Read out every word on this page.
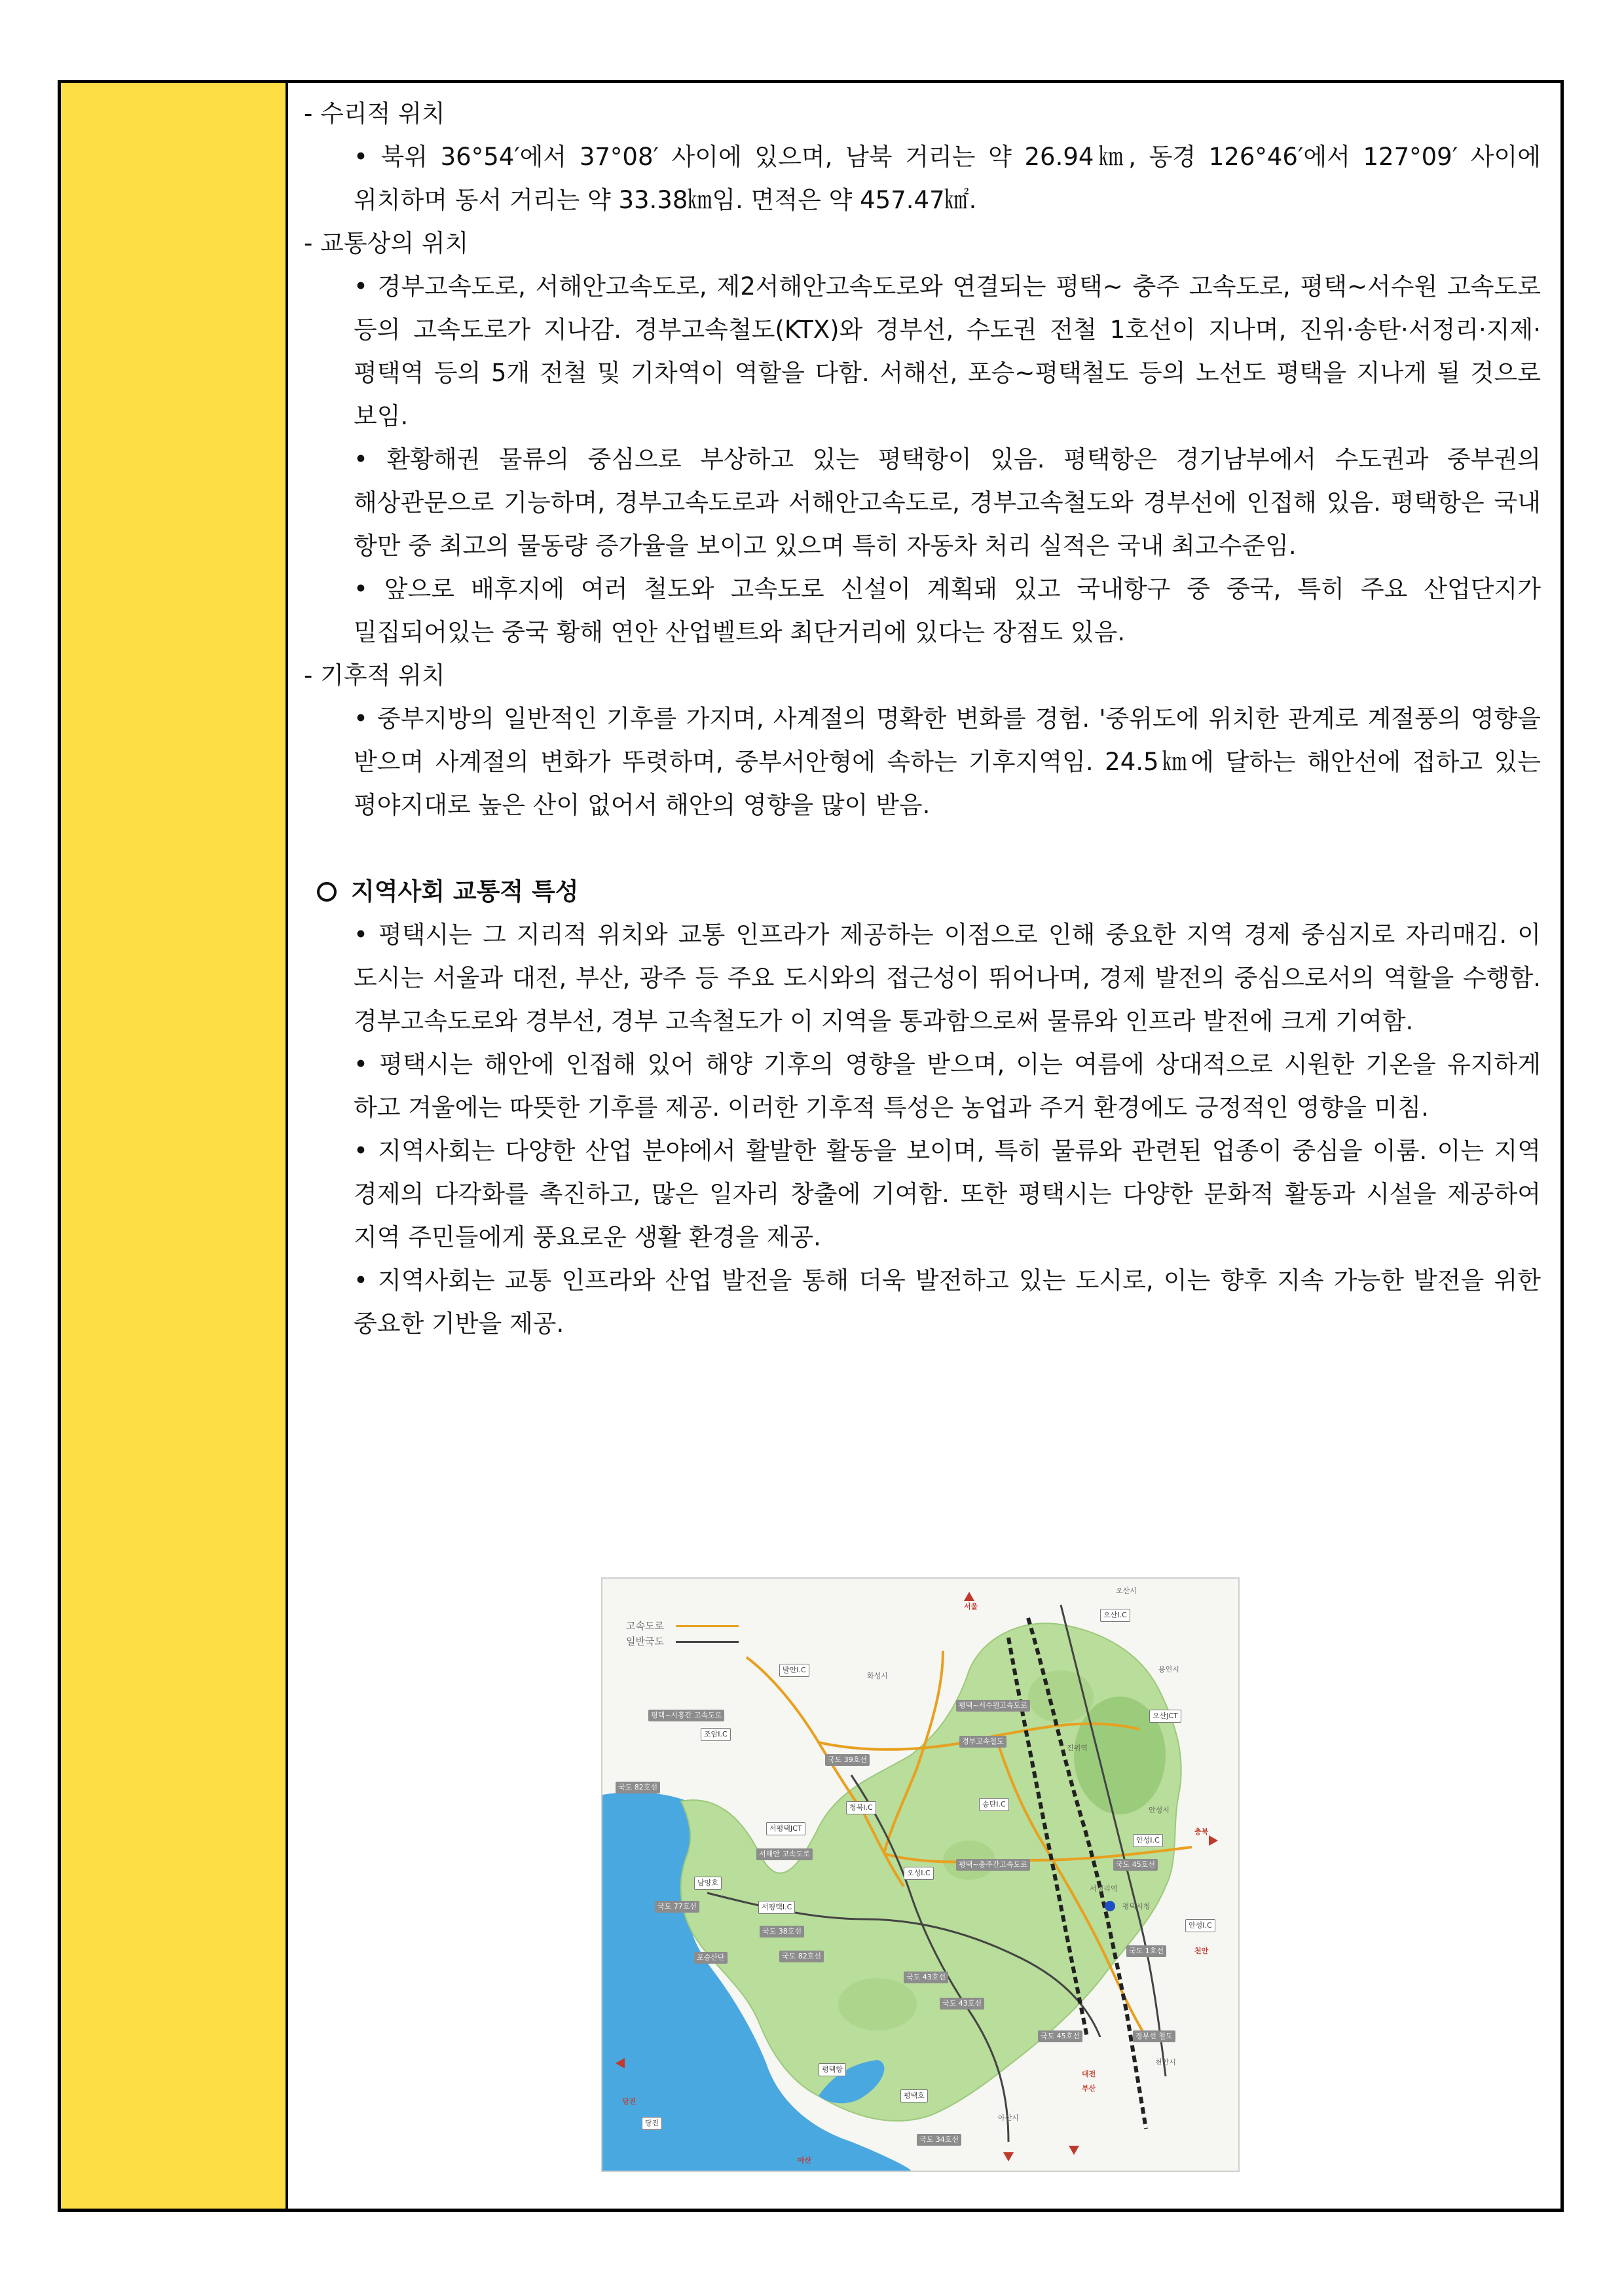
- 수리적 위치

• 북위 36°54′에서 37°08′ 사이에 있으며, 남북 거리는 약 26.94㎞, 동경 126°46′에서 127°09′ 사이에 위치하며 동서 거리는 약 33.38㎞임. 면적은 약 457.47㎢.

- 교통상의 위치

• 경부고속도로, 서해안고속도로, 제2서해안고속도로와 연결되는 평택~ 충주 고속도로, 평택~서수원 고속도로 등의 고속도로가 지나감. 경부고속철도(KTX)와 경부선, 수도권 전철 1호선이 지나며, 진위·송탄·서정리·지제·평택역 등의 5개 전철 및 기차역이 역할을 다함. 서해선, 포승~평택철도 등의 노선도 평택을 지나게 될 것으로 보임.

• 환황해권 물류의 중심으로 부상하고 있는 평택항이 있음. 평택항은 경기남부에서 수도권과 중부권의 해상관문으로 기능하며, 경부고속도로과 서해안고속도로, 경부고속철도와 경부선에 인접해 있음. 평택항은 국내 항만 중 최고의 물동량 증가율을 보이고 있으며 특히 자동차 처리 실적은 국내 최고수준임.

• 앞으로 배후지에 여러 철도와 고속도로 신설이 계획돼 있고 국내항구 중 중국, 특히 주요 산업단지가 밀집되어있는 중국 황해 연안 산업벨트와 최단거리에 있다는 장점도 있음.

- 기후적 위치

• 중부지방의 일반적인 기후를 가지며, 사계절의 명확한 변화를 경험. '중위도에 위치한 관계로 계절풍의 영향을 받으며 사계절의 변화가 뚜렷하며, 중부서안형에 속하는 기후지역임. 24.5㎞에 달하는 해안선에 접하고 있는 평야지대로 높은 산이 없어서 해안의 영향을 많이 받음.

지역사회 교통적 특성

• 평택시는 그 지리적 위치와 교통 인프라가 제공하는 이점으로 인해 중요한 지역 경제 중심지로 자리매김. 이 도시는 서울과 대전, 부산, 광주 등 주요 도시와의 접근성이 뛰어나며, 경제 발전의 중심으로서의 역할을 수행함. 경부고속도로와 경부선, 경부 고속철도가 이 지역을 통과함으로써 물류와 인프라 발전에 크게 기여함.

• 평택시는 해안에 인접해 있어 해양 기후의 영향을 받으며, 이는 여름에 상대적으로 시원한 기온을 유지하게 하고 겨울에는 따뜻한 기후를 제공. 이러한 기후적 특성은 농업과 주거 환경에도 긍정적인 영향을 미침.

• 지역사회는 다양한 산업 분야에서 활발한 활동을 보이며, 특히 물류와 관련된 업종이 중심을 이룸. 이는 지역 경제의 다각화를 촉진하고, 많은 일자리 창출에 기여함. 또한 평택시는 다양한 문화적 활동과 시설을 제공하여 지역 주민들에게 풍요로운 생활 환경을 제공.

• 지역사회는 교통 인프라와 산업 발전을 통해 더욱 발전하고 있는 도시로, 이는 향후 지속 가능한 발전을 위한 중요한 기반을 제공.

고속도로
일반국도
서울
오산I.C
오산시
발안I.C
화성시
평택~시흥간 고속도로
조암I.C
평택~서수원고속도로
경부고속철도
오산JCT
국도 39호선
용인시
국도 82호선
진위역
청북I.C	송탄I.C
서평택JCT
안성시
안성I.C
충북
서해안 고속도로
오성I.C
평택~충주간고속도로	국도 45호선
남양호
서정리역
국도 77호선	서평택I.C	평택시청
안성I.C
국도 38호선
국도 1호선	천안
포승산단	국도 82호선
국도 43호선
국도 43호선
국도 45호선	경부선 철도
천안시
평택항
평택호
대전
부산
당진
당진
아산시
국도 34호선
아산
